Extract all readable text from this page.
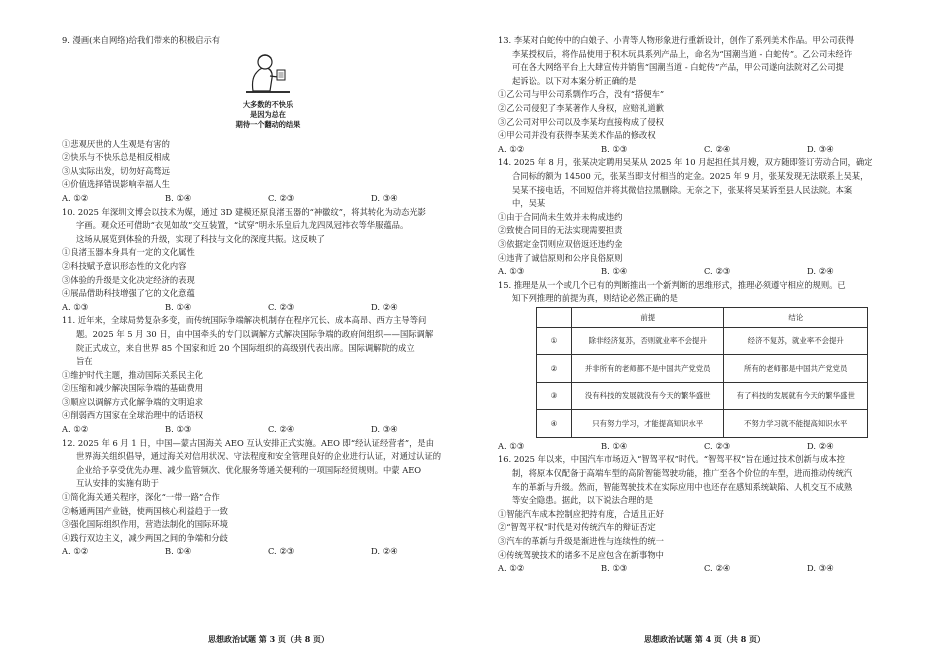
9. 漫画(来自网络)给我们带来的积极启示有

大多数的不快乐
是因为总在
期待一个翻动的结果

①悲观厌世的人生观是有害的

②快乐与不快乐总是相反相成

③从实际出发，切勿好高骛远

④价值选择错误影响幸福人生

A. ①②	B. ①④	C. ②③	D. ③④

10. 2025 年深圳文博会以技术为媒，通过 3D 建模还原良渚玉器的“神徽纹”，将其转化为动态光影

字画。观众还可借助“衣见如故”交互装置，“试穿”明永乐皇后九龙四凤冠袆衣等华服蕴品。

这场从展览到体验的升级，实现了科技与文化的深度共振。这反映了

①良渚玉器本身具有一定的文化属性

②科技赋予意识形态性的文化内容

③体验的升级是文化决定经济的表现

④展品借助科技增强了它的文化意蕴

A. ①③	B. ①④	C. ②③	D. ②④

11. 近年来，全球局势复杂多变，而传统国际争端解决机制存在程序冗长、成本高昂、西方主导等问

题。2025 年 5 月 30 日，由中国牵头的专门以调解方式解决国际争端的政府间组织——国际调解

院正式成立，来自世界 85 个国家和近 20 个国际组织的高级别代表出席。国际调解院的成立

旨在

①维护时代主题，推动国际关系民主化

②压缩和减少解决国际争端的基础费用

③顺应以调解方式化解争端的文明追求

④削弱西方国家在全球治理中的话语权

A. ①②	B. ①③	C. ②④	D. ③④

12. 2025 年 6 月 1 日，中国—蒙古国海关 AEO 互认安排正式实施。AEO 即“经认证经营者”，是由

世界海关组织倡导，通过海关对信用状况、守法程度和安全管理良好的企业进行认证，对通过认证的

企业给予享受优先办理、减少监管频次、优化服务等通关便利的一项国际经贸规则。中蒙 AEO

互认安排的实施有助于

①简化海关通关程序，深化“一带一路”合作

②畅通两国产业链，使两国核心利益趋于一致

③强化国际组织作用，营造法制化的国际环境

④践行双边主义，减少两国之间的争端和分歧

A. ①②	B. ①④	C. ②③	D. ②④

13. 李某对白蛇传中的白娘子、小青等人物形象进行重新设计，创作了系列美术作品。甲公司获得

李某授权后，将作品使用于积木玩具系列产品上，命名为“国潮当道 - 白蛇传”。乙公司未经许

可在各大网络平台上大肆宣传并销售“国潮当道 - 白蛇传”产品，甲公司遂向法院对乙公司提

起诉讼。以下对本案分析正确的是

①乙公司与甲公司系剽作巧合，没有“搭便车”

②乙公司侵犯了李某著作人身权，应赔礼道歉

③乙公司对甲公司以及李某均直接构成了侵权

④甲公司并没有获得李某美术作品的修改权

A. ①②	B. ①③	C. ②④	D. ③④

14. 2025 年 8 月，张某决定聘用吴某从 2025 年 10 月起担任其月嫂，双方随即签订劳动合同，确定

合同标的额为 14500 元，张某当即支付相当的定金。2025 年 9 月，张某发现无法联系上吴某，

吴某不接电话，不回短信并将其微信拉黑删除。无奈之下，张某将吴某诉至县人民法院。本案

中，吴某

①由于合同尚未生效并未构成违约

②致使合同目的无法实现需要担责

③依据定金罚则应双倍返还违约金

④违背了诚信原则和公序良俗原则

A. ①③	B. ①④	C. ②③	D. ②④

15. 推理是从一个或几个已有的判断推出一个新判断的思维形式，推理必须遵守相应的规则。已

知下列推理的前提为真，则结论必然正确的是

	前提	结论
①	除非经济复苏，否则就业率不会提升	经济不复苏，就业率不会提升
②	并非所有的老师都不是中国共产党党员	所有的老师都是中国共产党党员
③	没有科技的发展就没有今天的繁华盛世	有了科技的发展就有今天的繁华盛世
④	只有努力学习，才能提高知识水平	不努力学习就不能提高知识水平
A. ①③	B. ①④	C. ②③	D. ②④

16. 2025 年以来，中国汽车市场迈入“智驾平权”时代。“智驾平权”旨在通过技术创新与成本控

制，将原本仅配备于高端车型的高阶智能驾驶功能，推广至各个价位的车型，进而推动传统汽

车的革新与升级。然而，智能驾驶技术在实际应用中也还存在感知系统缺陷、人机交互不成熟

等安全隐患。据此，以下说法合理的是

①智能汽车成本控制应把持有度，合适且正好

②“智驾平权”时代是对传统汽车的辩证否定

③汽车的革新与升级是渐进性与连续性的统一

④传统驾驶技术的诸多不足应包含在新事物中

A. ①②	B. ①③	C. ②④	D. ③④
思想政治试题 第 3 页（共 8 页）	思想政治试题 第 4 页（共 8 页）
